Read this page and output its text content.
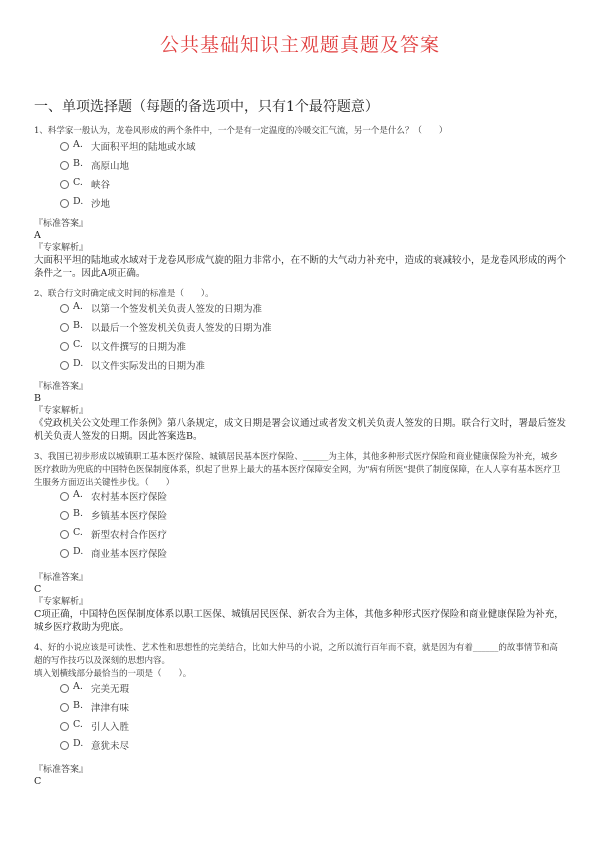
公共基础知识主观题真题及答案
一、单项选择题（每题的备选项中，只有1个最符题意）
1、科学家一般认为，龙卷风形成的两个条件中，一个是有一定温度的冷暖交汇气流，另一个是什么？（　　）
A. 大面积平坦的陆地或水域
B. 高原山地
C. 峡谷
D. 沙地
『标准答案』
A
『专家解析』
大面积平坦的陆地或水域对于龙卷风形成气旋的阻力非常小，在不断的大气动力补充中，造成的衰减较小，是龙卷风形成的两个条件之一。因此A项正确。
2、联合行文时确定成文时间的标准是（　　）。
A. 以第一个签发机关负责人签发的日期为准
B. 以最后一个签发机关负责人签发的日期为准
C. 以文件撰写的日期为准
D. 以文件实际发出的日期为准
『标准答案』
B
『专家解析』
《党政机关公文处理工作条例》第八条规定，成文日期是署会议通过或者发文机关负责人签发的日期。联合行文时，署最后签发机关负责人签发的日期。因此答案选B。
3、我国已初步形成以城镇职工基本医疗保险、城镇居民基本医疗保险、______为主体，其他多种形式医疗保险和商业健康保险为补充，城乡医疗救助为兜底的中国特色医保制度体系，织起了世界上最大的基本医疗保障安全网，为"病有所医"提供了制度保障，在人人享有基本医疗卫生服务方面迈出关键性步伐。（　　）
A. 农村基本医疗保险
B. 乡镇基本医疗保险
C. 新型农村合作医疗
D. 商业基本医疗保险
『标准答案』
C
『专家解析』
C项正确，中国特色医保制度体系以职工医保、城镇居民医保、新农合为主体，其他多种形式医疗保险和商业健康保险为补充，城乡医疗救助为兜底。
4、好的小说应该是可读性、艺术性和思想性的完美结合，比如大仲马的小说，之所以流行百年而不衰，就是因为有着______的故事情节和高超的写作技巧以及深刻的思想内容。
填入划横线部分最恰当的一项是（　　）。
A. 完美无瑕
B. 津津有味
C. 引人入胜
D. 意犹未尽
『标准答案』
C
